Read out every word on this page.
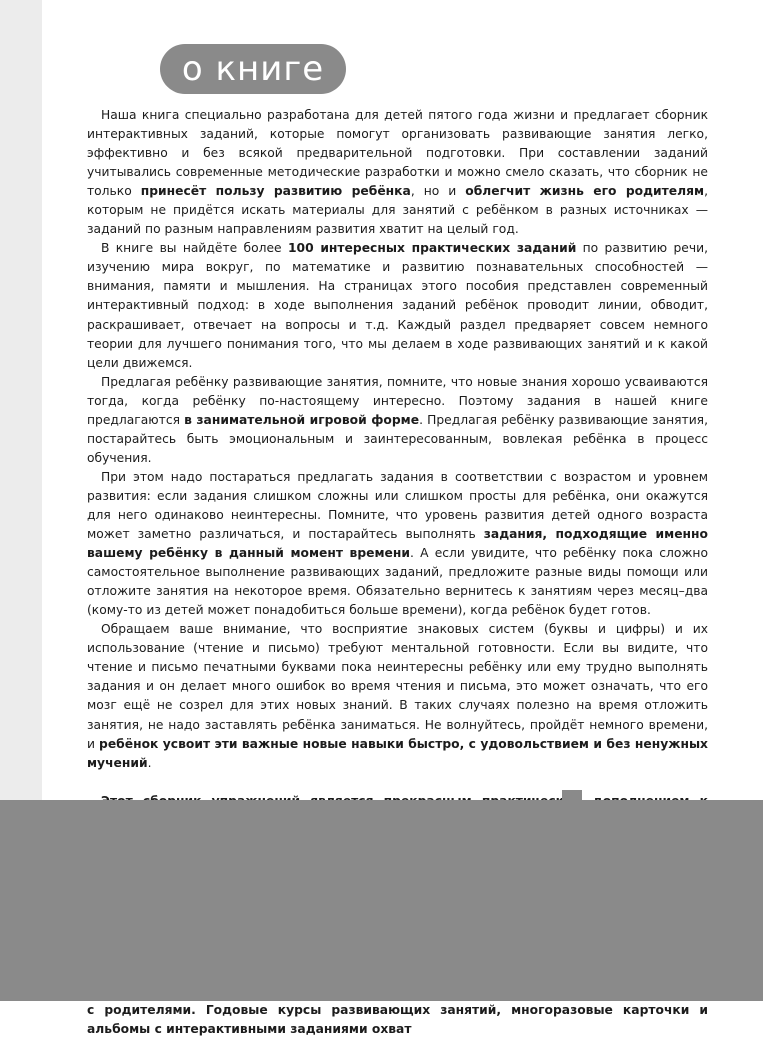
о книге

Наша книга специально разработана для детей пятого года жизни и предлагает сборник интерактивных заданий, которые помогут организовать развивающие занятия легко, эффективно и без всякой предварительной подготовки. При составлении заданий учитывались современные методические разработки и можно смело сказать, что сборник не только принесёт пользу развитию ребёнка, но и облегчит жизнь его родителям, которым не придётся искать материалы для занятий с ребёнком в разных источниках — заданий по разным направлениям развития хватит на целый год.

В книге вы найдёте более 100 интересных практических заданий по развитию речи, изучению мира вокруг, по математике и развитию познавательных способностей — внимания, памяти и мышления. На страницах этого пособия представлен современный интерактивный подход: в ходе выполнения заданий ребёнок проводит линии, обводит, раскрашивает, отвечает на вопросы и т.д. Каждый раздел предваряет совсем немного теории для лучшего понимания того, что мы делаем в ходе развивающих занятий и к какой цели движемся.

Предлагая ребёнку развивающие занятия, помните, что новые знания хорошо усваиваются тогда, когда ребёнку по-настоящему интересно. Поэтому задания в нашей книге предлагаются в занимательной игровой форме. Предлагая ребёнку развивающие занятия, постарайтесь быть эмоциональным и заинтересованным, вовлекая ребёнка в процесс обучения.

При этом надо постараться предлагать задания в соответствии с возрастом и уровнем развития: если задания слишком сложны или слишком просты для ребёнка, они окажутся для него одинаково неинтересны. Помните, что уровень развития детей одного возраста может заметно различаться, и постарайтесь выполнять задания, подходящие именно вашему ребёнку в данный момент времени. А если увидите, что ребёнку пока сложно самостоятельное выполнение развивающих заданий, предложите разные виды помощи или отложите занятия на некоторое время. Обязательно вернитесь к занятиям через месяц–два (кому-то из детей может понадобиться больше времени), когда ребёнок будет готов.

Обращаем ваше внимание, что восприятие знаковых систем (буквы и цифры) и их использование (чтение и письмо) требуют ментальной готовности. Если вы видите, что чтение и письмо печатными буквами пока неинтересны ребёнку или ему трудно выполнять задания и он делает много ошибок во время чтения и письма, это может означать, что его мозг ещё не созрел для этих новых знаний. В таких случаях полезно на время отложить занятия, не надо заставлять ребёнка заниматься. Не волнуйтесь, пройдёт немного времени, и ребёнок усвоит эти важные новые навыки быстро, с удовольствием и без ненужных мучений.

с родителями. Годовые курсы развивающих занятий, многоразовые карточки и альбомы с интерактивными заданиями охват
